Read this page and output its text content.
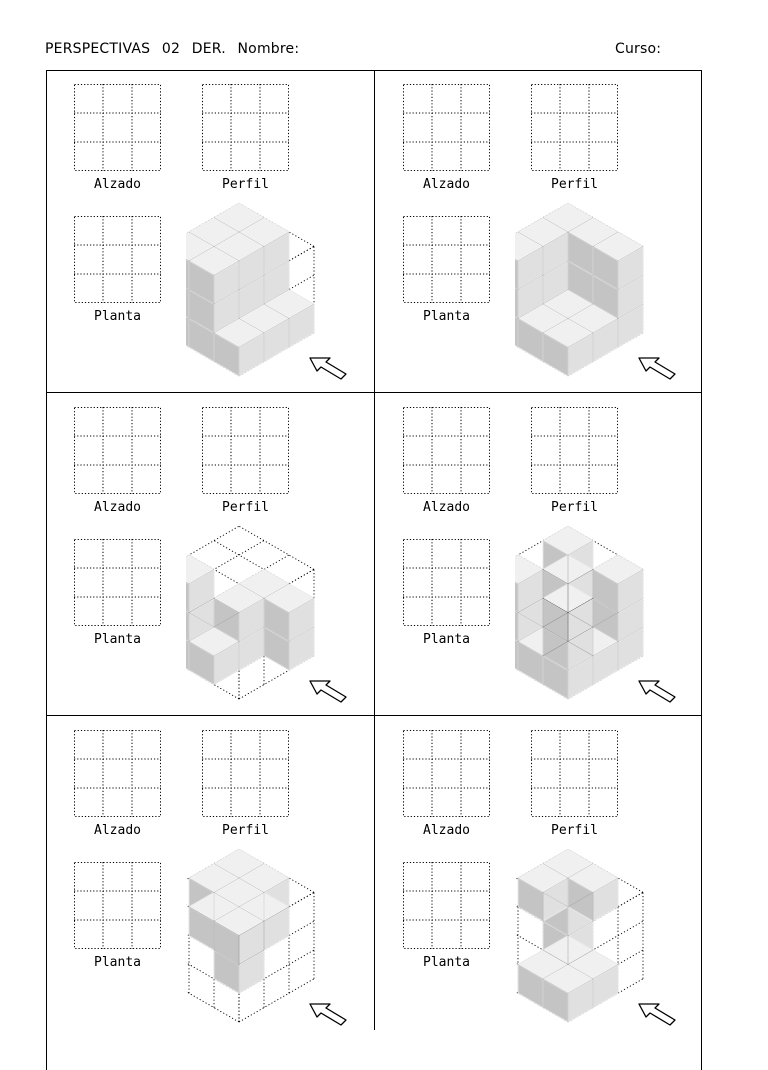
PERSPECTIVAS 02 DER. Nombre:	Curso:
Alzado	Perfil
Planta
Alzado	Perfil
Planta
Alzado	Perfil
Planta
Alzado	Perfil
Planta
Alzado	Perfil
Planta
Alzado	Perfil
Planta
